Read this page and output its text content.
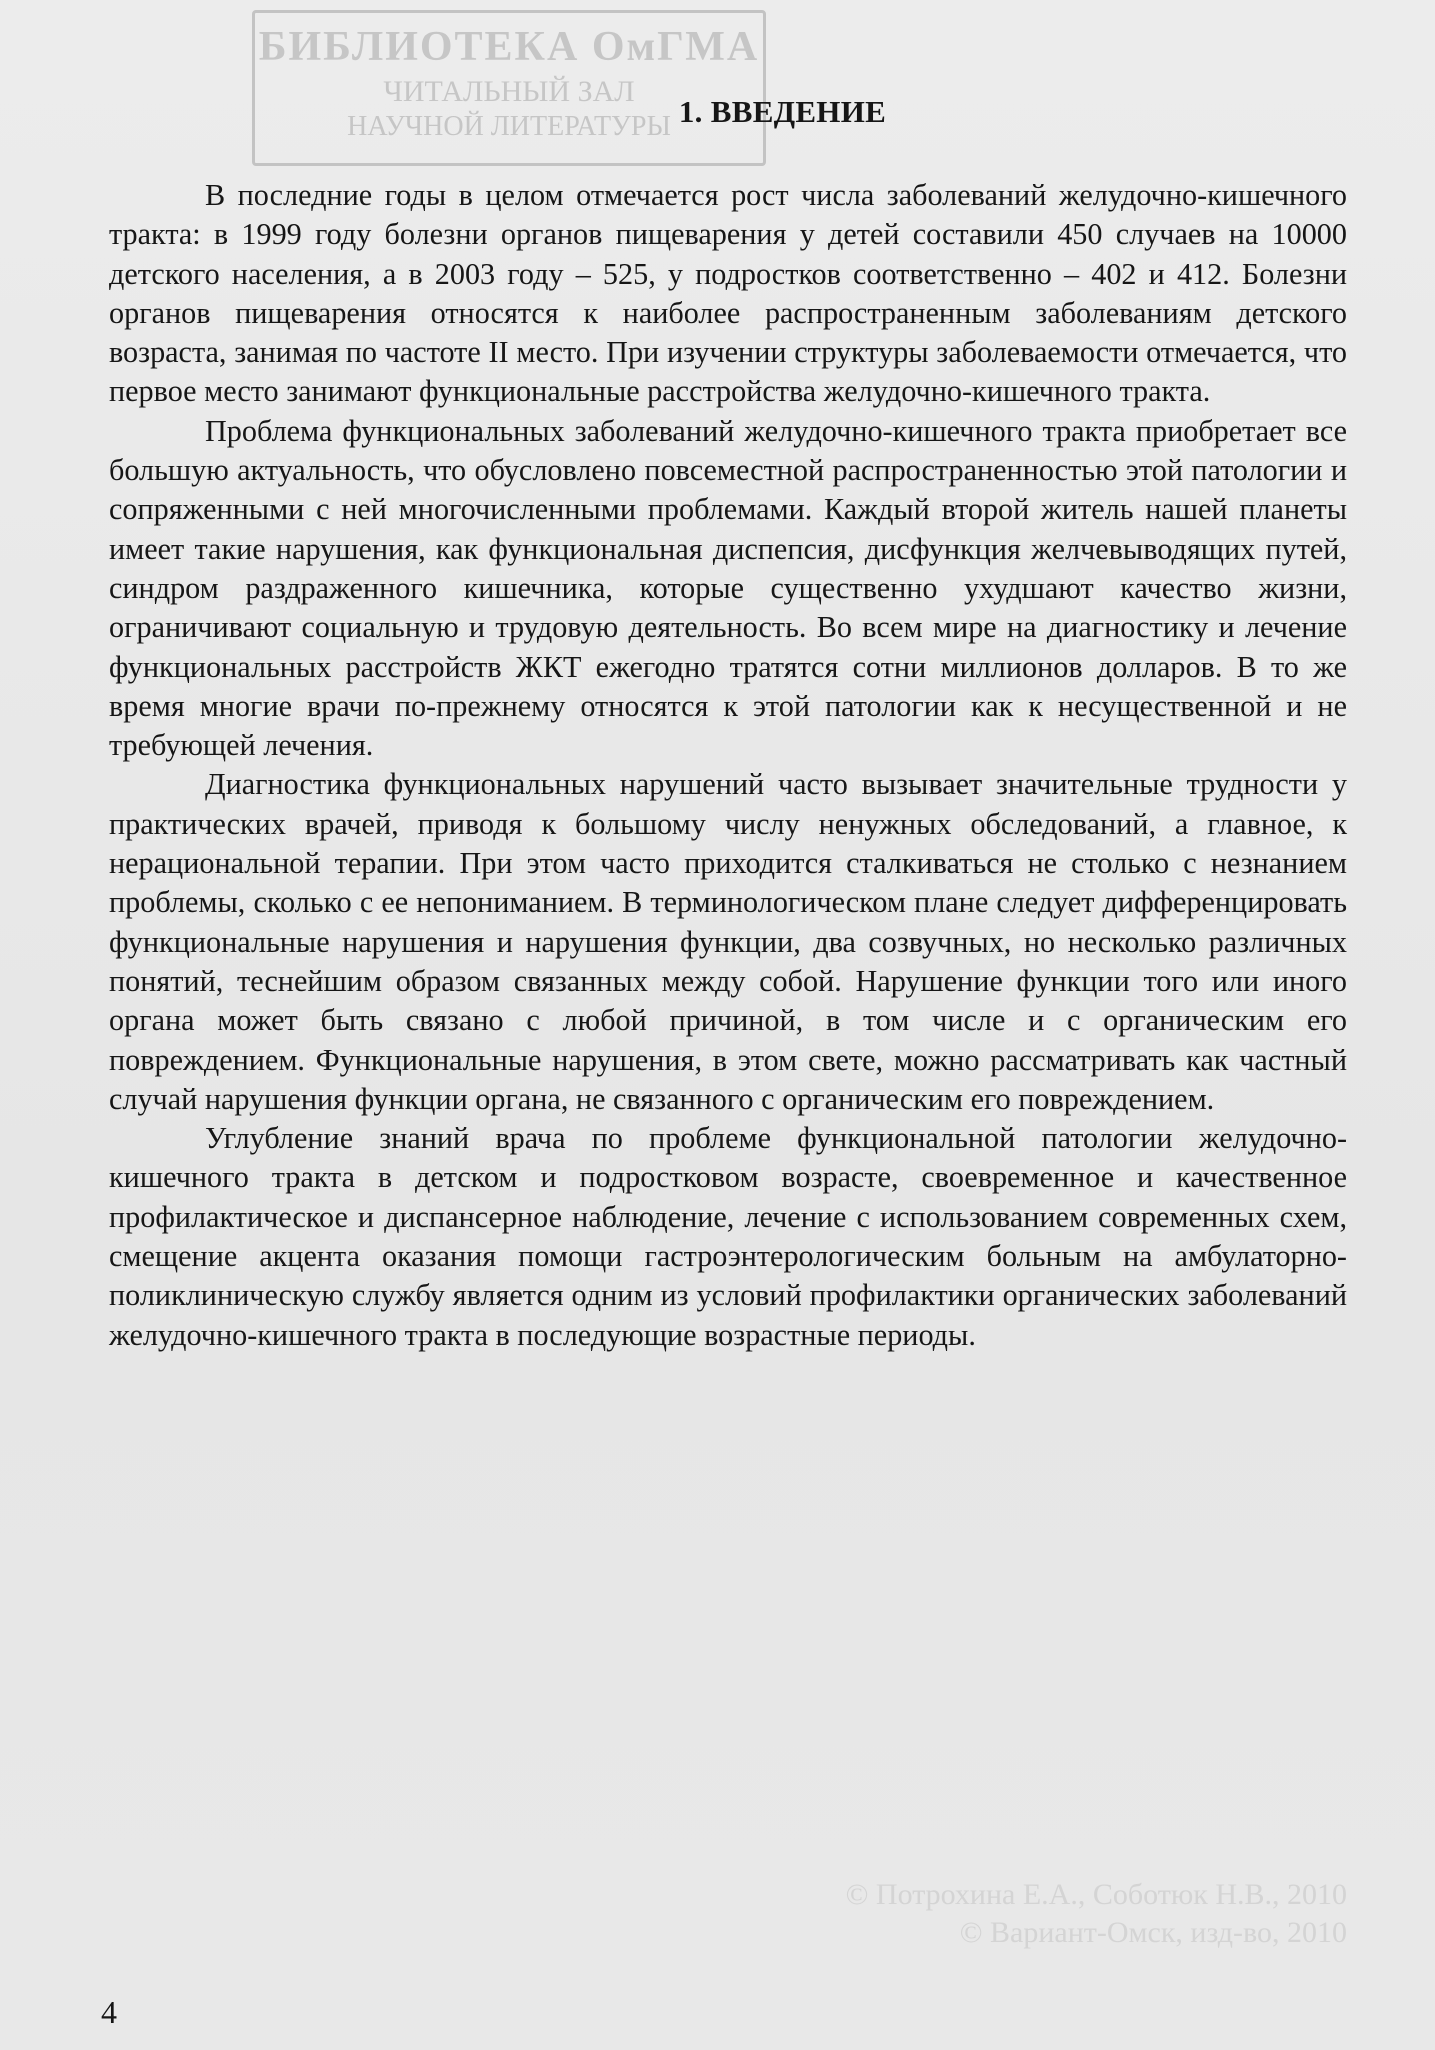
БИБЛИОТЕКА ОмГМА
ЧИТАЛЬНЫЙ ЗАЛ
НАУЧНОЙ ЛИТЕРАТУРЫ 1. ВВЕДЕНИЕ

В последние годы в целом отмечается рост числа заболеваний желудочно-кишечного тракта: в 1999 году болезни органов пищеварения у детей составили 450 случаев на 10000 детского населения, а в 2003 году – 525, у подростков соответственно – 402 и 412. Болезни органов пищеварения относятся к наиболее распространенным заболеваниям детского возраста, занимая по частоте II место. При изучении структуры заболеваемости отмечается, что первое место занимают функциональные расстройства желудочно-кишечного тракта.

Проблема функциональных заболеваний желудочно-кишечного тракта приобретает все большую актуальность, что обусловлено повсеместной распространенностью этой патологии и сопряженными с ней многочисленными проблемами. Каждый второй житель нашей планеты имеет такие нарушения, как функциональная диспепсия, дисфункция желчевыводящих путей, синдром раздраженного кишечника, которые существенно ухудшают качество жизни, ограничивают социальную и трудовую деятельность. Во всем мире на диагностику и лечение функциональных расстройств ЖКТ ежегодно тратятся сотни миллионов долларов. В то же время многие врачи по-прежнему относятся к этой патологии как к несущественной и не требующей лечения.

Диагностика функциональных нарушений часто вызывает значительные трудности у практических врачей, приводя к большому числу ненужных обследований, а главное, к нерациональной терапии. При этом часто приходится сталкиваться не столько с незнанием проблемы, сколько с ее непониманием. В терминологическом плане следует дифференцировать функциональные нарушения и нарушения функции, два созвучных, но несколько различных понятий, теснейшим образом связанных между собой. Нарушение функции того или иного органа может быть связано с любой причиной, в том числе и с органическим его повреждением. Функциональные нарушения, в этом свете, можно рассматривать как частный случай нарушения функции органа, не связанного с органическим его повреждением.

Углубление знаний врача по проблеме функциональной патологии желудочно-кишечного тракта в детском и подростковом возрасте, своевременное и качественное профилактическое и диспансерное наблюдение, лечение с использованием современных схем, смещение акцента оказания помощи гастроэнтерологическим больным на амбулаторно-поликлиническую службу является одним из условий профилактики органических заболеваний желудочно-кишечного тракта в последующие возрастные периоды.

© Потрохина Е.А., Соботюк Н.В., 2010
© Вариант-Омск, изд-во, 2010
4
